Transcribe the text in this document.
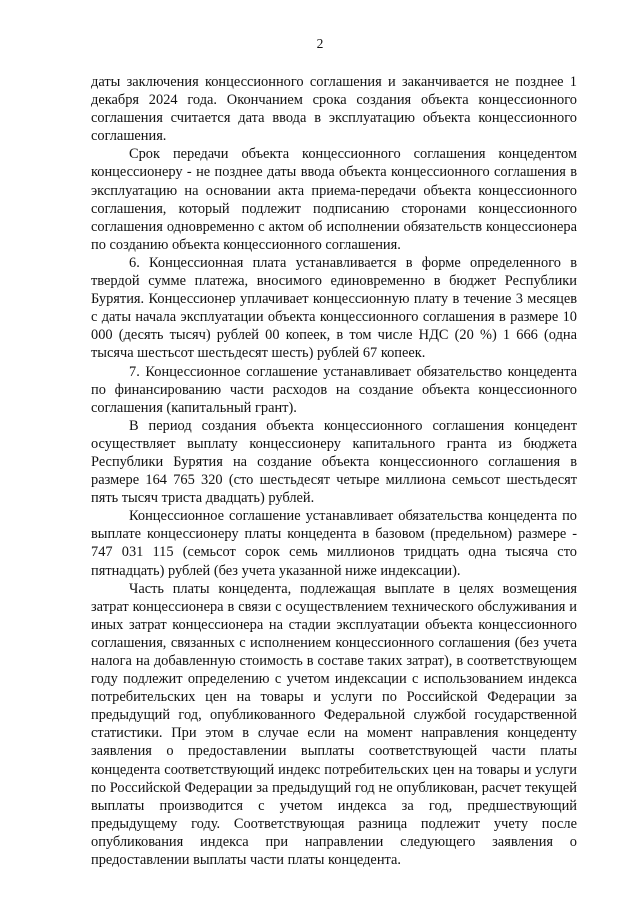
2

даты заключения концессионного соглашения и заканчивается не позднее 1 декабря 2024 года. Окончанием срока создания объекта концессионного соглашения считается дата ввода в эксплуатацию объекта концессионного соглашения.

Срок передачи объекта концессионного соглашения концедентом концессионеру - не позднее даты ввода объекта концессионного соглашения в эксплуатацию на основании акта приема-передачи объекта концессионного соглашения, который подлежит подписанию сторонами концессионного соглашения одновременно с актом об исполнении обязательств концессионера по созданию объекта концессионного соглашения.

6. Концессионная плата устанавливается в форме определенного в твердой сумме платежа, вносимого единовременно в бюджет Республики Бурятия. Концессионер уплачивает концессионную плату в течение 3 месяцев с даты начала эксплуатации объекта концессионного соглашения в размере 10 000 (десять тысяч) рублей 00 копеек, в том числе НДС (20 %) 1 666 (одна тысяча шестьсот шестьдесят шесть) рублей 67 копеек.

7. Концессионное соглашение устанавливает обязательство концедента по финансированию части расходов на создание объекта концессионного соглашения (капитальный грант).

В период создания объекта концессионного соглашения концедент осуществляет выплату концессионеру капитального гранта из бюджета Республики Бурятия на создание объекта концессионного соглашения в размере 164 765 320 (сто шестьдесят четыре миллиона семьсот шестьдесят пять тысяч триста двадцать) рублей.

Концессионное соглашение устанавливает обязательства концедента по выплате концессионеру платы концедента в базовом (предельном) размере - 747 031 115 (семьсот сорок семь миллионов тридцать одна тысяча сто пятнадцать) рублей (без учета указанной ниже индексации).

Часть платы концедента, подлежащая выплате в целях возмещения затрат концессионера в связи с осуществлением технического обслуживания и иных затрат концессионера на стадии эксплуатации объекта концессионного соглашения, связанных с исполнением концессионного соглашения (без учета налога на добавленную стоимость в составе таких затрат), в соответствующем году подлежит определению с учетом индексации с использованием индекса потребительских цен на товары и услуги по Российской Федерации за предыдущий год, опубликованного Федеральной службой государственной статистики. При этом в случае если на момент направления концеденту заявления о предоставлении выплаты соответствующей части платы концедента соответствующий индекс потребительских цен на товары и услуги по Российской Федерации за предыдущий год не опубликован, расчет текущей выплаты производится с учетом индекса за год, предшествующий предыдущему году. Соответствующая разница подлежит учету после опубликования индекса при направлении следующего заявления о предоставлении выплаты части платы концедента.
